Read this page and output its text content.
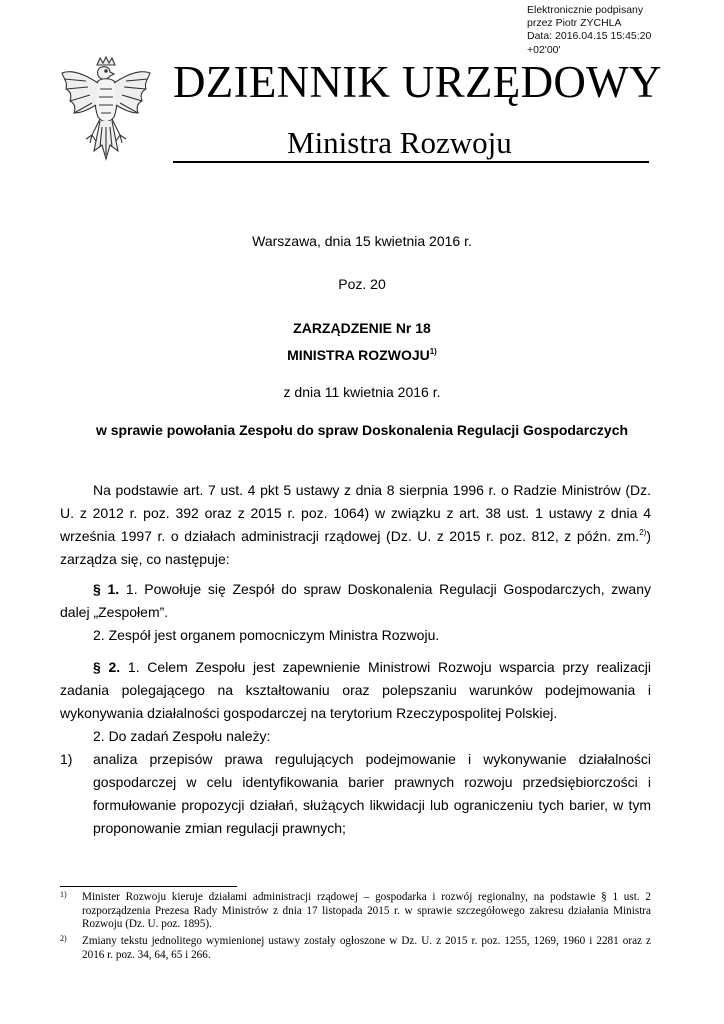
Elektronicznie podpisany
przez Piotr ZYCHLA
Data: 2016.04.15 15:45:20
+02'00'
DZIENNIK URZĘDOWY
Ministra Rozwoju
Warszawa, dnia 15 kwietnia 2016 r.
Poz. 20
ZARZĄDZENIE Nr 18
MINISTRA ROZWOJU$^{1)}$
z dnia 11 kwietnia 2016 r.
w sprawie powołania Zespołu do spraw Doskonalenia Regulacji Gospodarczych
Na podstawie art. 7 ust. 4 pkt 5 ustawy z dnia 8 sierpnia 1996 r. o Radzie Ministrów (Dz. U. z 2012 r. poz. 392 oraz z 2015 r. poz. 1064) w związku z art. 38 ust. 1 ustawy z dnia 4 września 1997 r. o działach administracji rządowej (Dz. U. z 2015 r. poz. 812, z późn. zm.$^{2)}$) zarządza się, co następuje:
§ 1. 1. Powołuje się Zespół do spraw Doskonalenia Regulacji Gospodarczych, zwany dalej „Zespołem”.
2. Zespół jest organem pomocniczym Ministra Rozwoju.
§ 2. 1. Celem Zespołu jest zapewnienie Ministrowi Rozwoju wsparcia przy realizacji zadania polegającego na kształtowaniu oraz polepszaniu warunków podejmowania i wykonywania działalności gospodarczej na terytorium Rzeczypospolitej Polskiej.
2. Do zadań Zespołu należy:
1) analiza przepisów prawa regulujących podejmowanie i wykonywanie działalności gospodarczej w celu identyfikowania barier prawnych rozwoju przedsiębiorczości i formułowanie propozycji działań, służących likwidacji lub ograniczeniu tych barier, w tym proponowanie zmian regulacji prawnych;
1) Minister Rozwoju kieruje działami administracji rządowej – gospodarka i rozwój regionalny, na podstawie § 1 ust. 2 rozporządzenia Prezesa Rady Ministrów z dnia 17 listopada 2015 r. w sprawie szczegółowego zakresu działania Ministra Rozwoju (Dz. U. poz. 1895).
2) Zmiany tekstu jednolitego wymienionej ustawy zostały ogłoszone w Dz. U. z 2015 r. poz. 1255, 1269, 1960 i 2281 oraz z 2016 r. poz. 34, 64, 65 i 266.
